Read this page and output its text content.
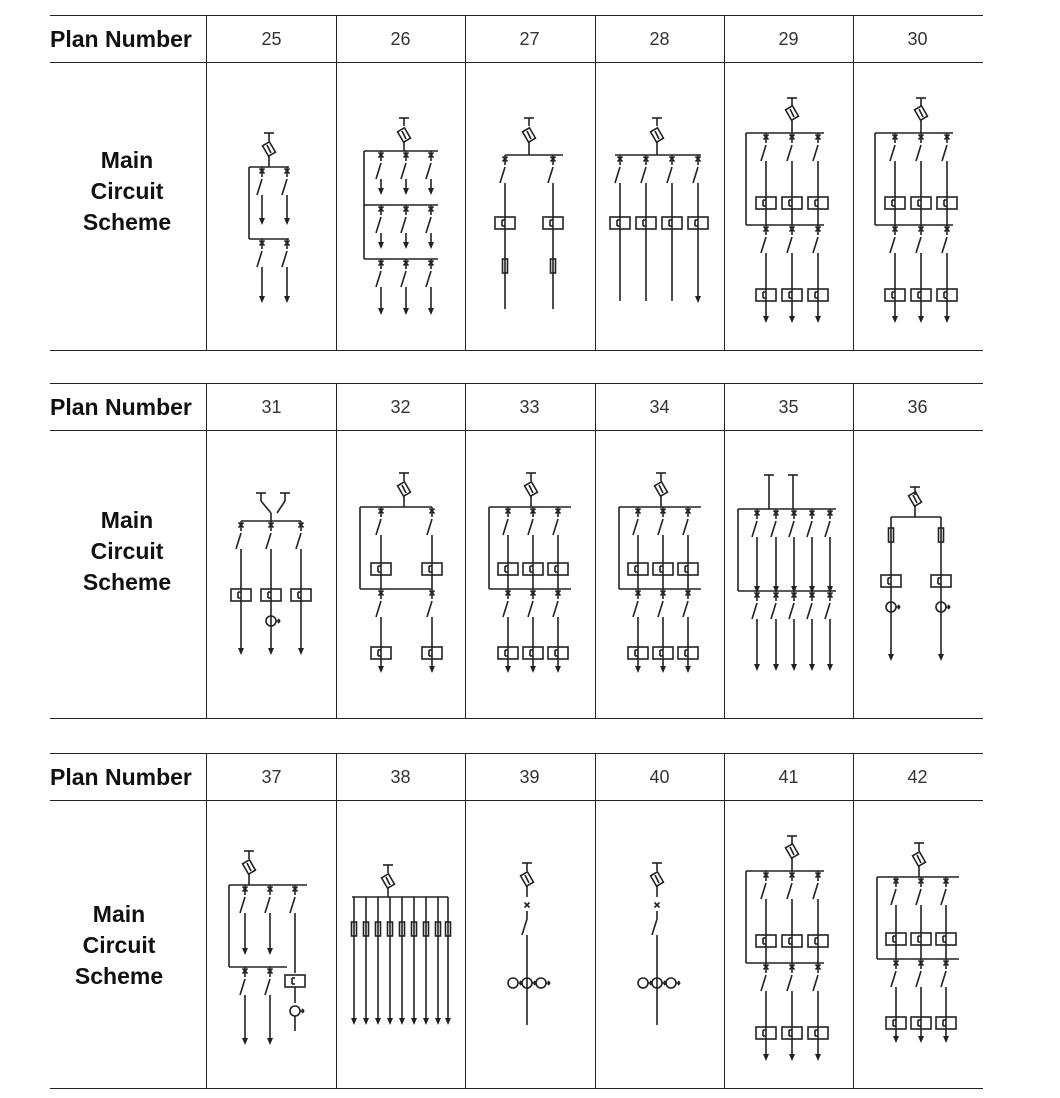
Plan Number	25	26	27	28	29	30
Main
Circuit
Scheme
Plan Number	31	32	33	34	35	36
Main
Circuit
Scheme
Plan Number	37	38	39	40	41	42
Main
Circuit
Scheme
